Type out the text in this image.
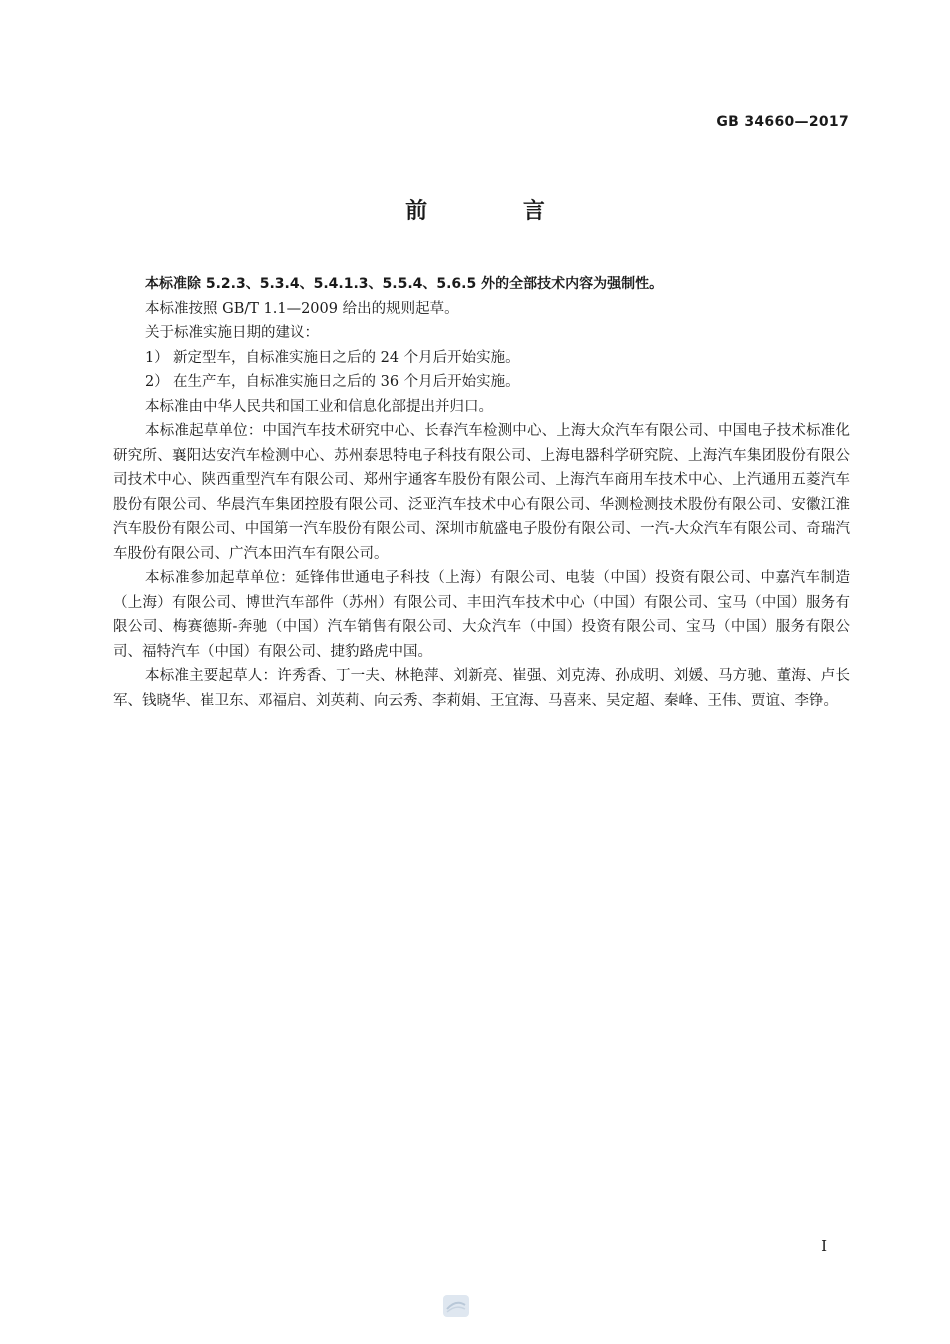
GB 34660—2017
前 言

本标准除 5.2.3、5.3.4、5.4.1.3、5.5.4、5.6.5 外的全部技术内容为强制性。

本标准按照 GB/T 1.1—2009 给出的规则起草。

关于标准实施日期的建议：

1） 新定型车，自标准实施日之后的 24 个月后开始实施。

2） 在生产车，自标准实施日之后的 36 个月后开始实施。

本标准由中华人民共和国工业和信息化部提出并归口。

本标准起草单位：中国汽车技术研究中心、长春汽车检测中心、上海大众汽车有限公司、中国电子技术标准化研究所、襄阳达安汽车检测中心、苏州泰思特电子科技有限公司、上海电器科学研究院、上海汽车集团股份有限公司技术中心、陕西重型汽车有限公司、郑州宇通客车股份有限公司、上海汽车商用车技术中心、上汽通用五菱汽车股份有限公司、华晨汽车集团控股有限公司、泛亚汽车技术中心有限公司、华测检测技术股份有限公司、安徽江淮汽车股份有限公司、中国第一汽车股份有限公司、深圳市航盛电子股份有限公司、一汽-大众汽车有限公司、奇瑞汽车股份有限公司、广汽本田汽车有限公司。

本标准参加起草单位：延锋伟世通电子科技（上海）有限公司、电装（中国）投资有限公司、中嘉汽车制造（上海）有限公司、博世汽车部件（苏州）有限公司、丰田汽车技术中心（中国）有限公司、宝马（中国）服务有限公司、梅赛德斯-奔驰（中国）汽车销售有限公司、大众汽车（中国）投资有限公司、宝马（中国）服务有限公司、福特汽车（中国）有限公司、捷豹路虎中国。

本标准主要起草人：许秀香、丁一夫、林艳萍、刘新亮、崔强、刘克涛、孙成明、刘媛、马方驰、董海、卢长军、钱晓华、崔卫东、邓福启、刘英莉、向云秀、李莉娟、王宜海、马喜来、吴定超、秦峰、王伟、贾谊、李铮。

I
